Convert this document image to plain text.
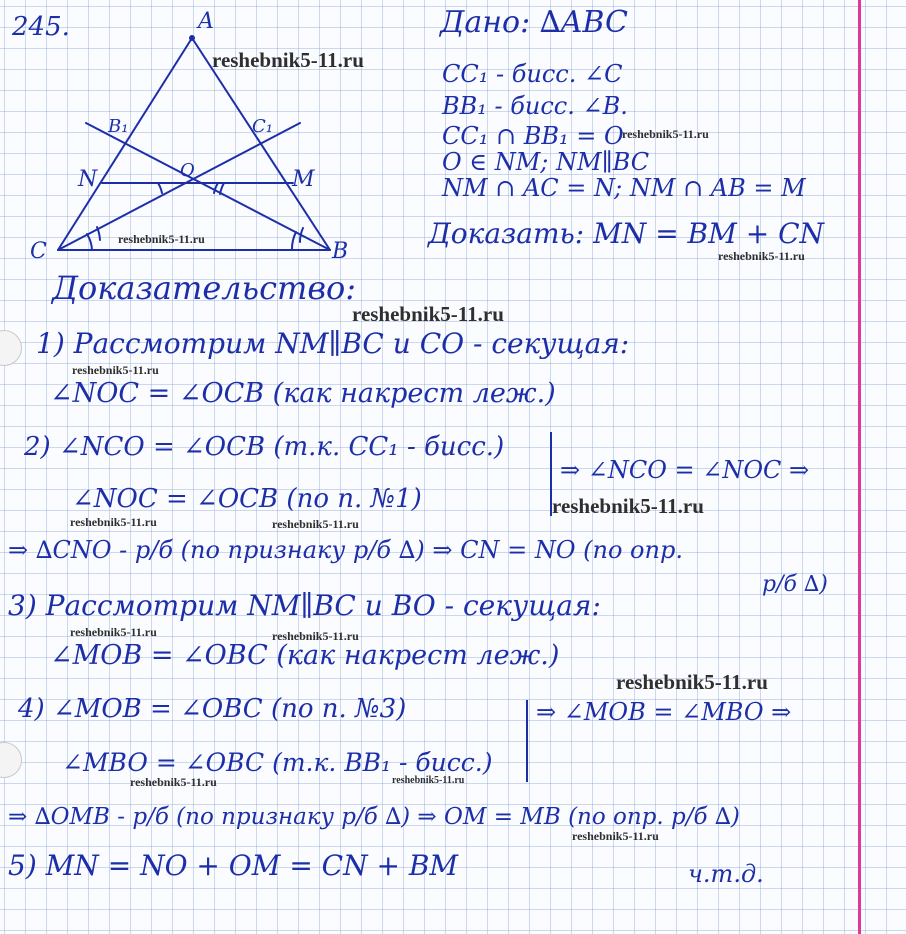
245.	A
B
C
B₁	C₁
N	M
O
Дано: ∆ABC
CC₁ - бисс. ∠C
BB₁ - бисс. ∠B.
CC₁ ∩ BB₁ = O
O ∈ NM; NM∥BC
NM ∩ AC = N; NM ∩ AB = M
Доказать: MN = BM + CN
Доказательство:
1) Рассмотрим NM∥BC и CO - секущая:
∠NOC = ∠OCB (как накрест леж.)
2) ∠NCO = ∠OCB (т.к. CC₁ - бисс.)
∠NOC = ∠OCB (по п. №1)
⇒ ∠NCO = ∠NOC ⇒
⇒ ∆CNO - р/б (по признаку р/б ∆) ⇒ CN = NO (по опр.
р/б ∆)
3) Рассмотрим NM∥BC и BO - секущая:
∠MOB = ∠OBC (как накрест леж.)
4) ∠MOB = ∠OBC (по п. №3)
∠MBO = ∠OBC (т.к. BB₁ - бисс.)
⇒ ∠MOB = ∠MBO ⇒
⇒ ∆OMB - р/б (по признаку р/б ∆) ⇒ OM = MB (по опр. р/б ∆)
5) MN = NO + OM = CN + BM	ч.т.д.
reshebnik5-11.ru
reshebnik5-11.ru
reshebnik5-11.ru
reshebnik5-11.ru
reshebnik5-11.ru
reshebnik5-11.ru
reshebnik5-11.ru
reshebnik5-11.ru	reshebnik5-11.ru
reshebnik5-11.ru	reshebnik5-11.ru
reshebnik5-11.ru
reshebnik5-11.ru	reshebnik5-11.ru
reshebnik5-11.ru
